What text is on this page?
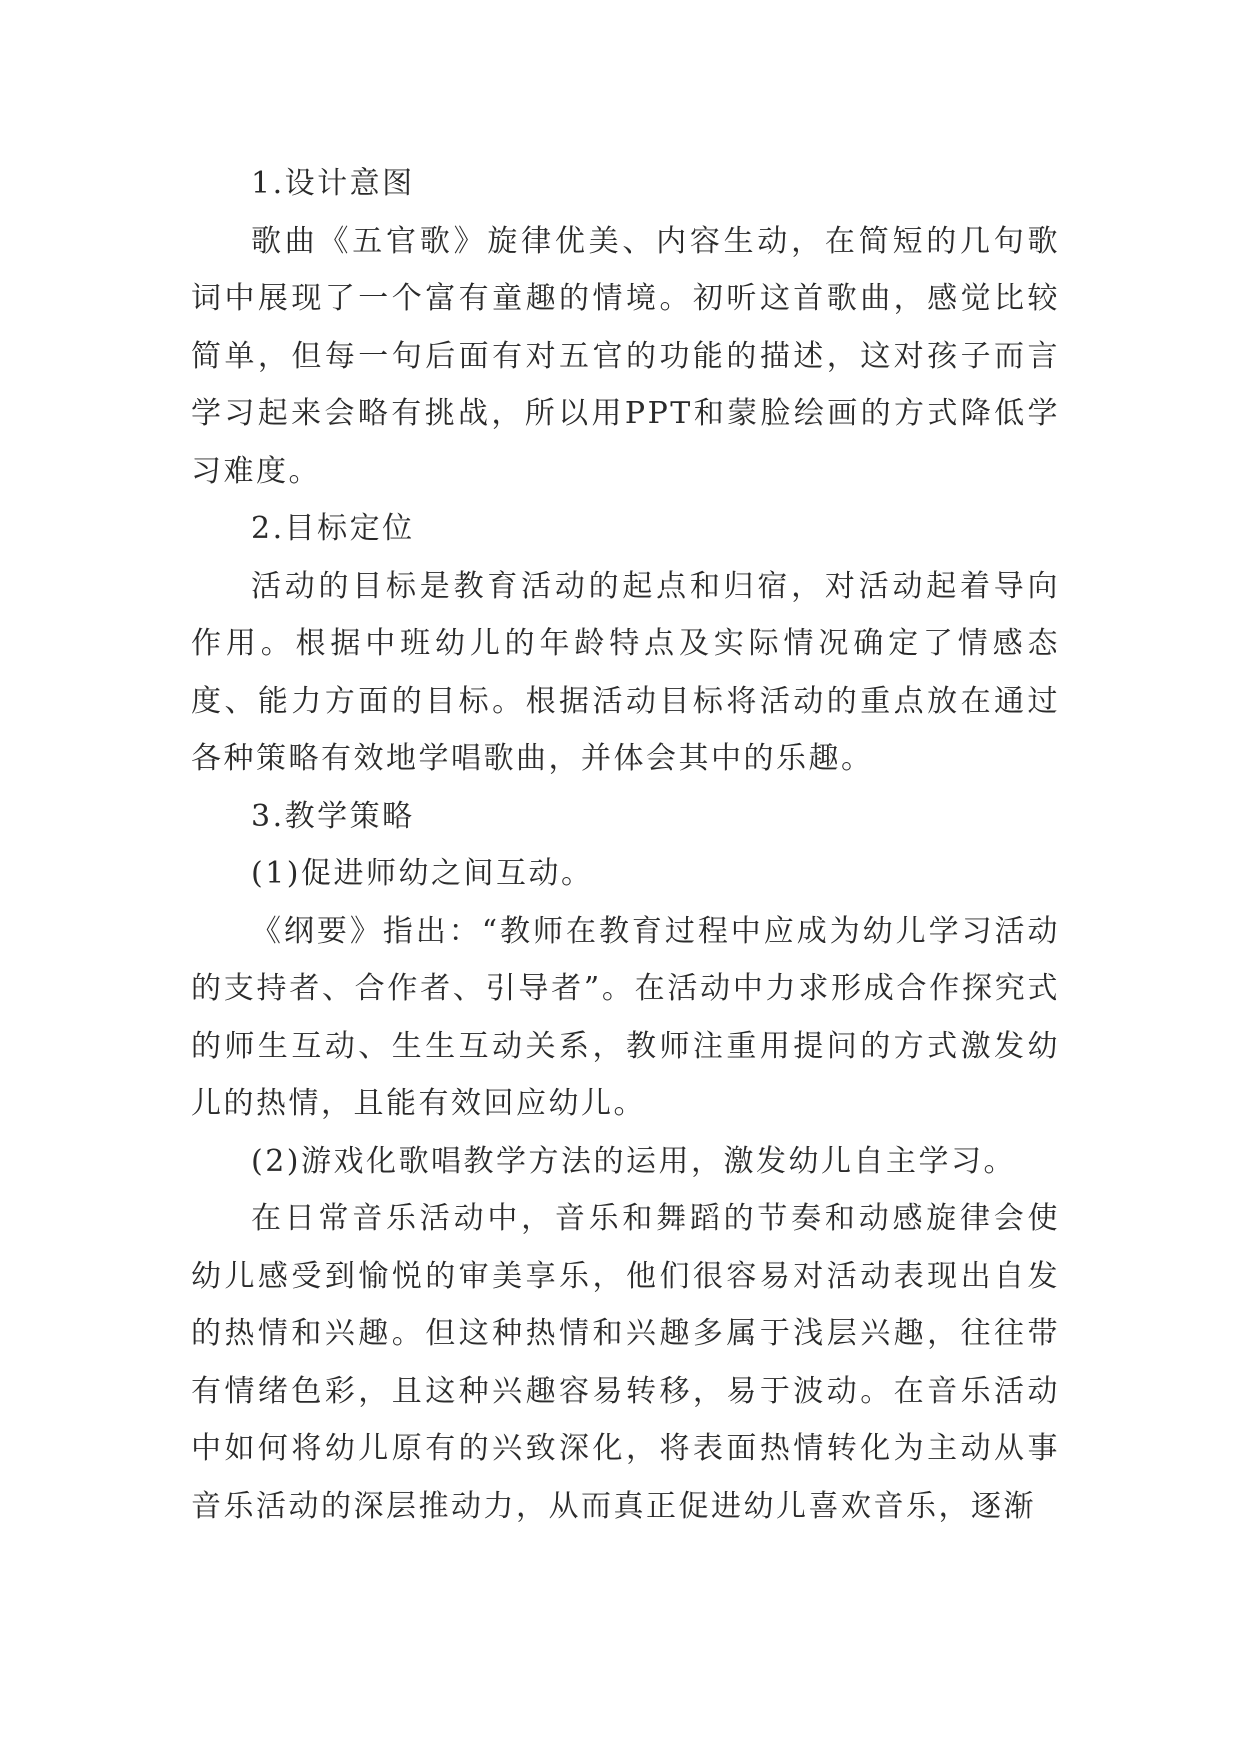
1.设计意图

歌曲《五官歌》旋律优美、内容生动，在简短的几句歌词中展现了一个富有童趣的情境。初听这首歌曲，感觉比较简单，但每一句后面有对五官的功能的描述，这对孩子而言学习起来会略有挑战，所以用PPT和蒙脸绘画的方式降低学习难度。

2.目标定位

活动的目标是教育活动的起点和归宿，对活动起着导向作用。根据中班幼儿的年龄特点及实际情况确定了情感态度、能力方面的目标。根据活动目标将活动的重点放在通过各种策略有效地学唱歌曲，并体会其中的乐趣。

3.教学策略

(1)促进师幼之间互动。

《纲要》指出：“教师在教育过程中应成为幼儿学习活动的支持者、合作者、引导者”。在活动中力求形成合作探究式的师生互动、生生互动关系，教师注重用提问的方式激发幼儿的热情，且能有效回应幼儿。

(2)游戏化歌唱教学方法的运用，激发幼儿自主学习。

在日常音乐活动中，音乐和舞蹈的节奏和动感旋律会使幼儿感受到愉悦的审美享乐，他们很容易对活动表现出自发的热情和兴趣。但这种热情和兴趣多属于浅层兴趣，往往带有情绪色彩，且这种兴趣容易转移，易于波动。在音乐活动中如何将幼儿原有的兴致深化，将表面热情转化为主动从事音乐活动的深层推动力，从而真正促进幼儿喜欢音乐，逐渐
